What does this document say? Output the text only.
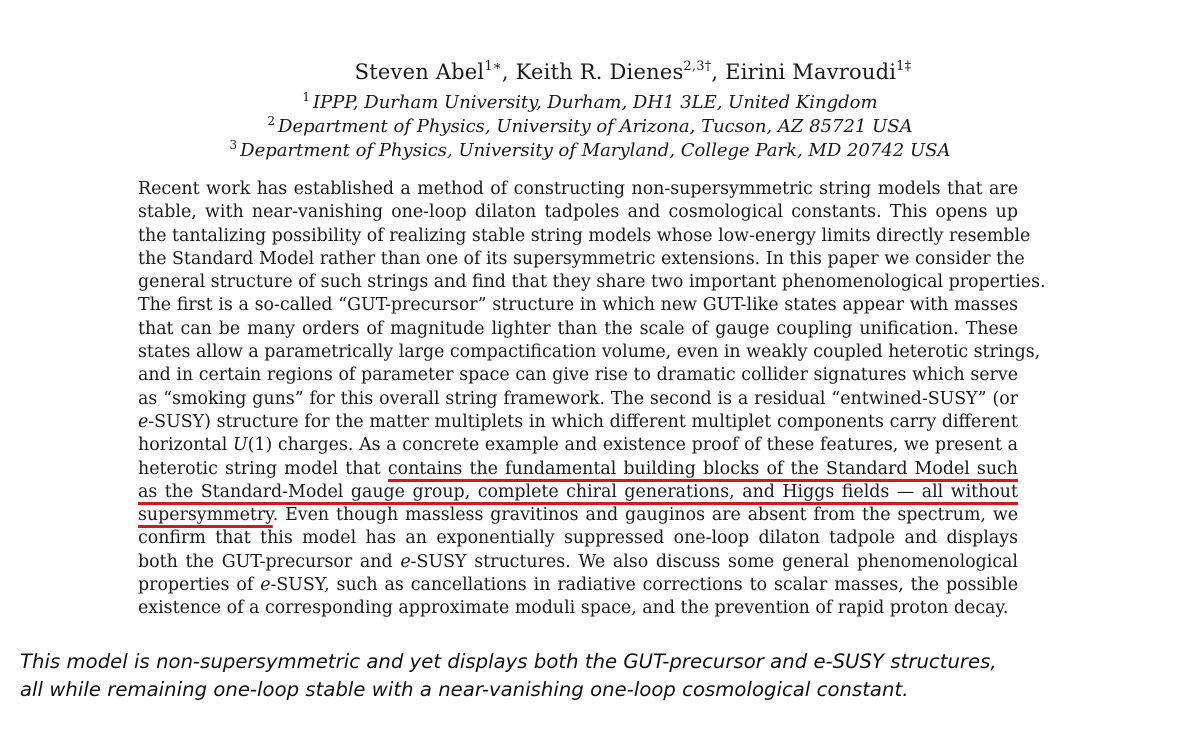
Steven Abel$^{1∗}$, Keith R. Dienes$^{2,3\dagger}$, Eirini Mavroudi$^{1\ddagger}$
$^1$ IPPP, Durham University, Durham, DH1 3LE, United Kingdom
$^2$ Department of Physics, University of Arizona, Tucson, AZ 85721 USA
$^3$ Department of Physics, University of Maryland, College Park, MD 20742 USA
Recent work has established a method of constructing non-supersymmetric string models that are
stable, with near-vanishing one-loop dilaton tadpoles and cosmological constants. This opens up
the tantalizing possibility of realizing stable string models whose low-energy limits directly resemble
the Standard Model rather than one of its supersymmetric extensions. In this paper we consider the
general structure of such strings and find that they share two important phenomenological properties.
The first is a so-called “GUT-precursor” structure in which new GUT-like states appear with masses
that can be many orders of magnitude lighter than the scale of gauge coupling unification. These
states allow a parametrically large compactification volume, even in weakly coupled heterotic strings,
and in certain regions of parameter space can give rise to dramatic collider signatures which serve
as “smoking guns” for this overall string framework. The second is a residual “entwined-SUSY” (or
e-SUSY) structure for the matter multiplets in which different multiplet components carry different
horizontal U(1) charges. As a concrete example and existence proof of these features, we present a
heterotic string model that contains the fundamental building blocks of the Standard Model such
as the Standard-Model gauge group, complete chiral generations, and Higgs fields — all without
supersymmetry. Even though massless gravitinos and gauginos are absent from the spectrum, we
confirm that this model has an exponentially suppressed one-loop dilaton tadpole and displays
both the GUT-precursor and e-SUSY structures. We also discuss some general phenomenological
properties of e-SUSY, such as cancellations in radiative corrections to scalar masses, the possible
existence of a corresponding approximate moduli space, and the prevention of rapid proton decay.
This model is non-supersymmetric and yet displays both the GUT-precursor and e-SUSY structures,
all while remaining one-loop stable with a near-vanishing one-loop cosmological constant.
